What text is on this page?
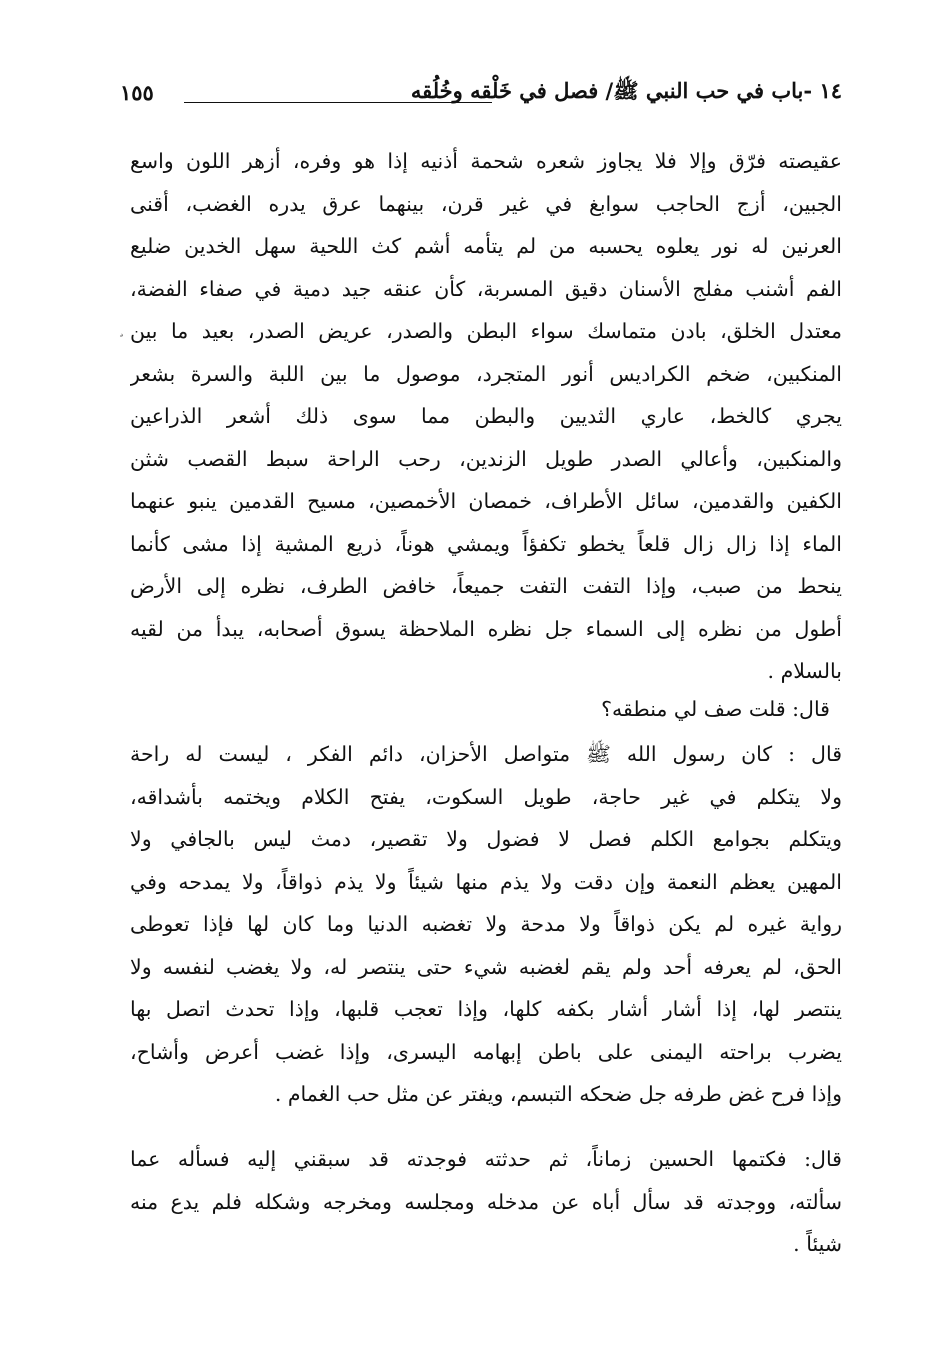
١٤ -باب في حب النبي ﷺ/ فصل في خَلْقه وخُلُقه
١٥٥
¸
عقيصته فرّق وإلا فلا يجاوز شعره شحمة أذنيه إذا هو وفره، أزهر اللون واسع
الجبين، أزج الحاجب سوابغ في غير قرن، بينهما عرق يدره الغضب، أقنى
العرنين له نور يعلوه يحسبه من لم يتأمه أشم كث اللحية سهل الخدين ضليع
الفم أشنب مفلج الأسنان دقيق المسربة، كأن عنقه جيد دمية في صفاء الفضة،
معتدل الخلق، بادن متماسك سواء البطن والصدر، عريض الصدر، بعيد ما بين
المنكبين، ضخم الكراديس أنور المتجرد، موصول ما بين اللبة والسرة بشعر
يجري كالخط، عاري الثديين والبطن مما سوى ذلك أشعر الذراعين
والمنكبين، وأعالي الصدر طويل الزندين، رحب الراحة سبط القصب شثن
الكفين والقدمين، سائل الأطراف، خمصان الأخمصين، مسيح القدمين ينبو عنهما
الماء إذا زال زال قلعاً يخطو تكفؤاً ويمشي هوناً، ذريع المشية إذا مشى كأنما
ينحط من صبب، وإذا التفت التفت جميعاً، خافض الطرف، نظره إلى الأرض
أطول من نظره إلى السماء جل نظره الملاحظة يسوق أصحابه، يبدأ من لقيه
بالسلام .
قال: قلت صف لي منطقه؟
قال : كان رسول الله ﷺ متواصل الأحزان، دائم الفكر ، ليست له راحة
ولا يتكلم في غير حاجة، طويل السكوت، يفتح الكلام ويختمه بأشداقه،
ويتكلم بجوامع الكلم فصل لا فضول ولا تقصير، دمث ليس بالجافي ولا
المهين يعظم النعمة وإن دقت ولا يذم منها شيئاً ولا يذم ذواقاً، ولا يمدحه وفي
رواية غيره لم يكن ذواقاً ولا مدحة ولا تغضبه الدنيا وما كان لها فإذا تعوطى
الحق، لم يعرفه أحد ولم يقم لغضبه شيء حتى ينتصر له، ولا يغضب لنفسه ولا
ينتصر لها، إذا أشار أشار بكفه كلها، وإذا تعجب قلبها، وإذا تحدث اتصل بها
يضرب براحته اليمنى على باطن إبهامه اليسرى، وإذا غضب أعرض وأشاح،
وإذا فرح غض طرفه جل ضحكه التبسم، ويفتر عن مثل حب الغمام .
قال: فكتمها الحسين زماناً، ثم حدثته فوجدته قد سبقني إليه فسأله عما
سألته، ووجدته قد سأل أباه عن مدخله ومجلسه ومخرجه وشكله فلم يدع منه
شيئاً .
